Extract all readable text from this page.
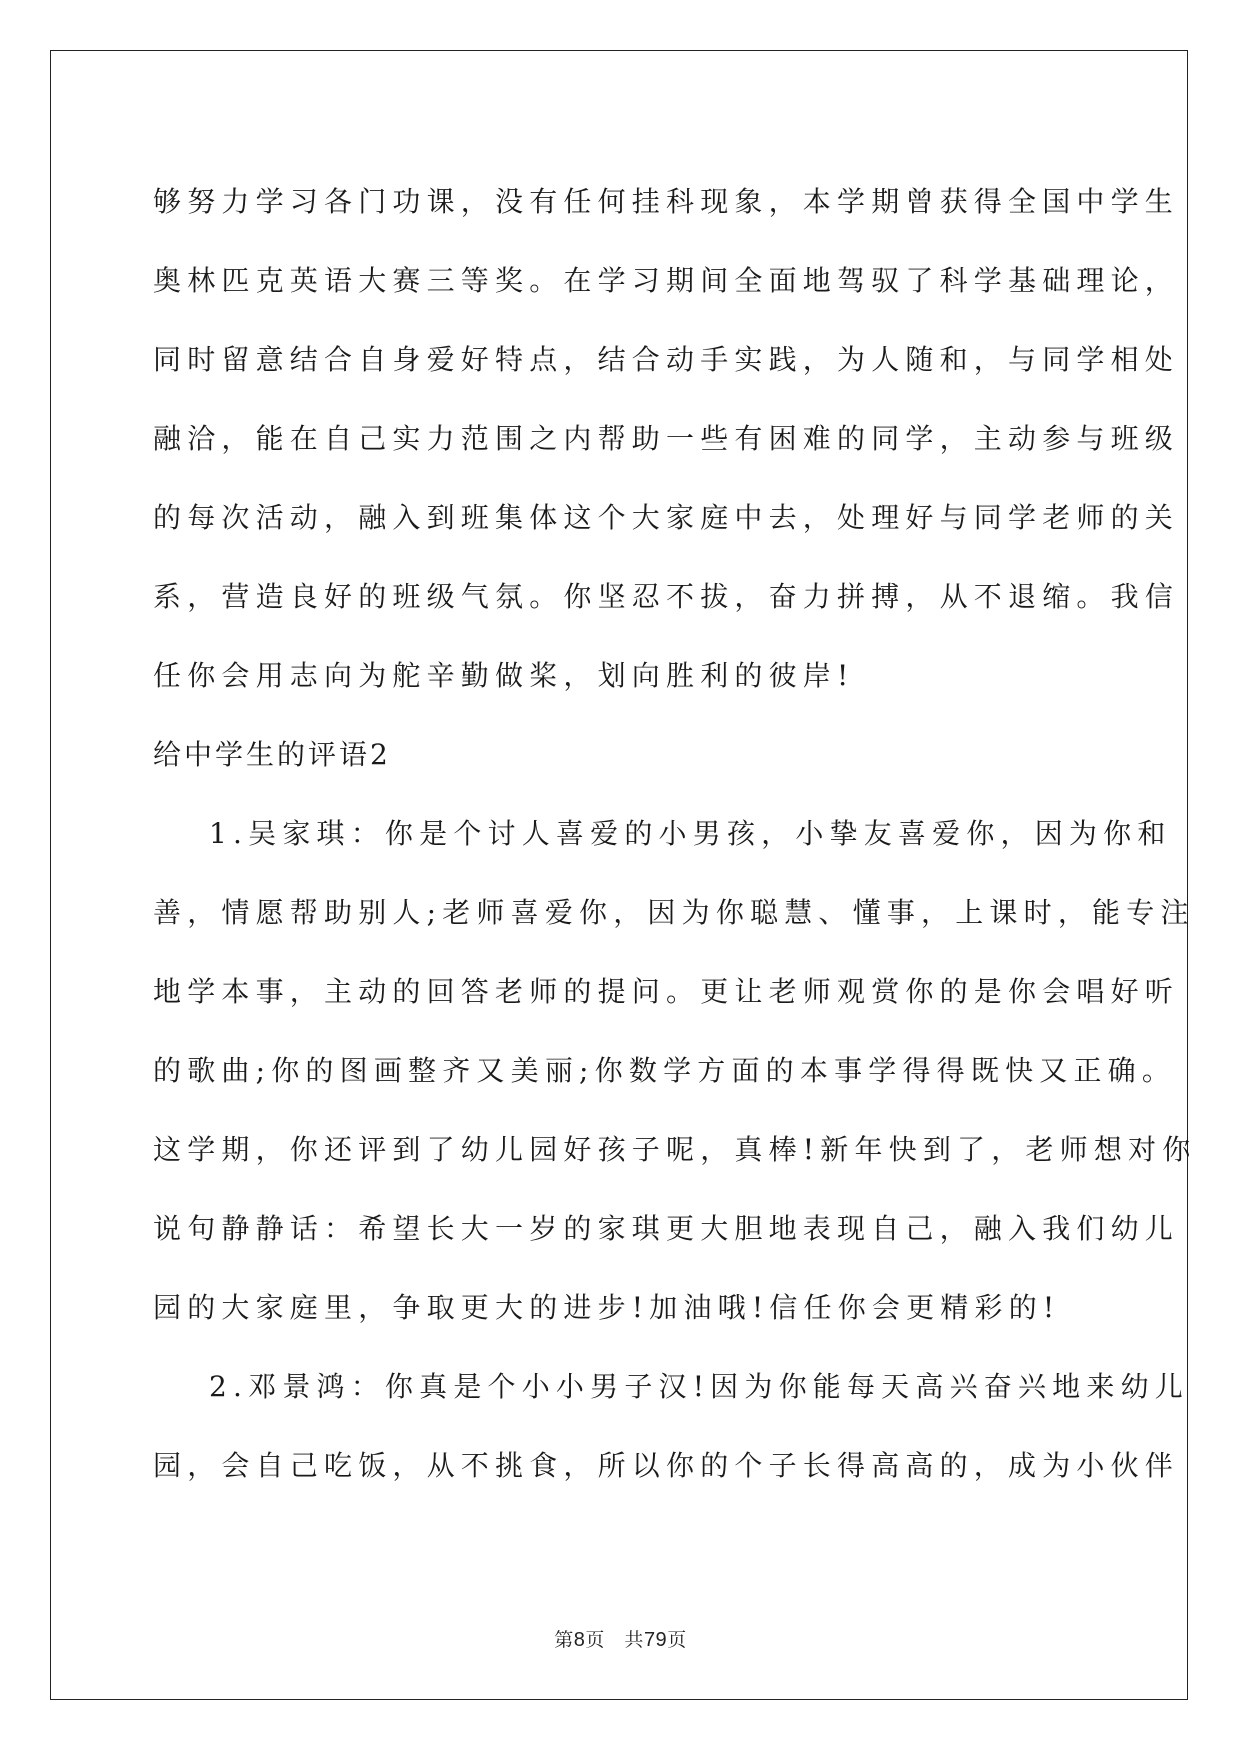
够努力学习各门功课，没有任何挂科现象，本学期曾获得全国中学生
奥林匹克英语大赛三等奖。在学习期间全面地驾驭了科学基础理论，
同时留意结合自身爱好特点，结合动手实践，为人随和，与同学相处
融洽，能在自己实力范围之内帮助一些有困难的同学，主动参与班级
的每次活动，融入到班集体这个大家庭中去，处理好与同学老师的关
系，营造良好的班级气氛。你坚忍不拔，奋力拼搏，从不退缩。我信
任你会用志向为舵辛勤做桨，划向胜利的彼岸!
给中学生的评语2
1.吴家琪：你是个讨人喜爱的小男孩，小挚友喜爱你，因为你和
善，情愿帮助别人;老师喜爱你，因为你聪慧、懂事，上课时，能专注
地学本事，主动的回答老师的提问。更让老师观赏你的是你会唱好听
的歌曲;你的图画整齐又美丽;你数学方面的本事学得得既快又正确。
这学期，你还评到了幼儿园好孩子呢，真棒!新年快到了，老师想对你
说句静静话：希望长大一岁的家琪更大胆地表现自己，融入我们幼儿
园的大家庭里，争取更大的进步!加油哦!信任你会更精彩的!
2.邓景鸿：你真是个小小男子汉!因为你能每天高兴奋兴地来幼儿
园，会自己吃饭，从不挑食，所以你的个子长得高高的，成为小伙伴
第8页　共79页
